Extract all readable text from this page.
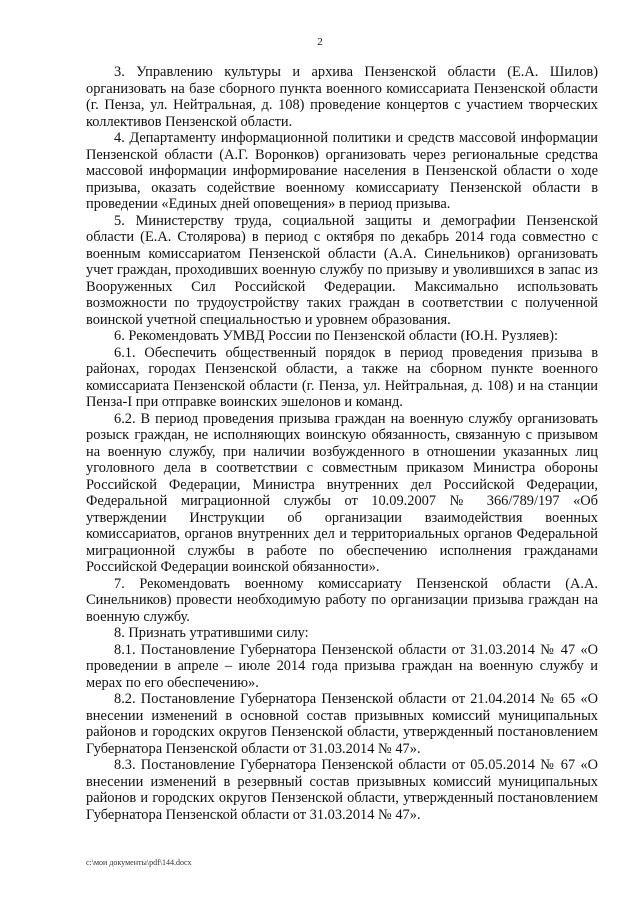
2

3. Управлению культуры и архива Пензенской области (Е.А. Шилов) организовать на базе сборного пункта военного комиссариата Пензенской области (г. Пенза, ул. Нейтральная, д. 108) проведение концертов с участием творческих коллективов Пензенской области.

4. Департаменту информационной политики и средств массовой информации Пензенской области (А.Г. Воронков) организовать через региональные средства массовой информации информирование населения в Пензенской области о ходе призыва, оказать содействие военному комиссариату Пензенской области в проведении «Единых дней оповещения» в период призыва.

5. Министерству труда, социальной защиты и демографии Пензенской области (Е.А. Столярова) в период с октября по декабрь 2014 года совместно с военным комиссариатом Пензенской области (А.А. Синельников) организовать учет граждан, проходивших военную службу по призыву и уволившихся в запас из Вооруженных Сил Российской Федерации. Максимально использовать возможности по трудоустройству таких граждан в соответствии с полученной воинской учетной специальностью и уровнем образования.

6. Рекомендовать УМВД России по Пензенской области (Ю.Н. Рузляев):

6.1. Обеспечить общественный порядок в период проведения призыва в районах, городах Пензенской области, а также на сборном пункте военного комиссариата Пензенской области (г. Пенза, ул. Нейтральная, д. 108) и на станции Пенза-I при отправке воинских эшелонов и команд.

6.2. В период проведения призыва граждан на военную службу организовать розыск граждан, не исполняющих воинскую обязанность, связанную с призывом на военную службу, при наличии возбужденного в отношении указанных лиц уголовного дела в соответствии с совместным приказом Министра обороны Российской Федерации, Министра внутренних дел Российской Федерации, Федеральной миграционной службы от 10.09.2007 № 366/789/197 «Об утверждении Инструкции об организации взаимодействия военных комиссариатов, органов внутренних дел и территориальных органов Федеральной миграционной службы в работе по обеспечению исполнения гражданами Российской Федерации воинской обязанности».

7. Рекомендовать военному комиссариату Пензенской области (А.А. Синельников) провести необходимую работу по организации призыва граждан на военную службу.

8. Признать утратившими силу:

8.1. Постановление Губернатора Пензенской области от 31.03.2014 № 47 «О проведении в апреле – июле 2014 года призыва граждан на военную службу и мерах по его обеспечению».

8.2. Постановление Губернатора Пензенской области от 21.04.2014 № 65 «О внесении изменений в основной состав призывных комиссий муниципальных районов и городских округов Пензенской области, утвержденный постановлением Губернатора Пензенской области от 31.03.2014 № 47».

8.3. Постановление Губернатора Пензенской области от 05.05.2014 № 67 «О внесении изменений в резервный состав призывных комиссий муниципальных районов и городских округов Пензенской области, утвержденный постановлением Губернатора Пензенской области от 31.03.2014 № 47».

c:\мои документы\pdf\144.docx
